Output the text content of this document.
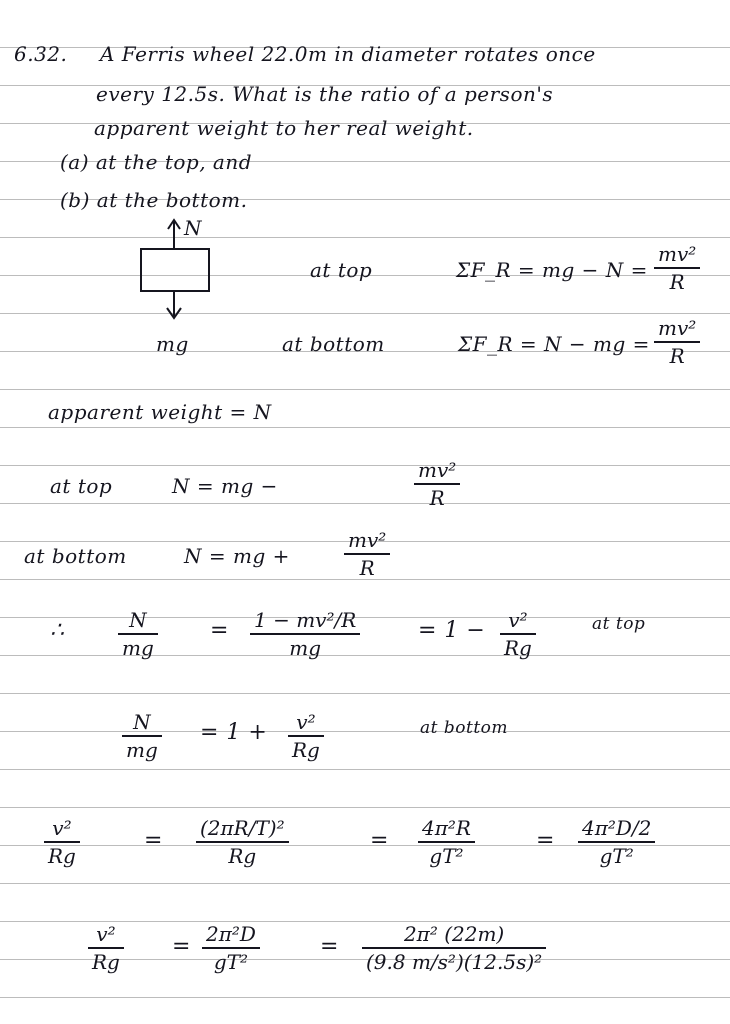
6.32. A Ferris wheel 22.0m in diameter rotates once
every 12.5s. What is the ratio of a person's
apparent weight to her real weight.
(a) at the top, and
(b) at the bottom.
N
mg
at top	ΣF_R = mg − N =
mv²
R
at bottom	ΣF_R = N − mg =
mv²
R
apparent weight = N
at top	N = mg −
mv²
R
at bottom	N = mg +
mv²
R
∴	N
mg
= 1 − mv²/R
mg
= 1 − v²
Rg
at top
N
mg
= 1 + v²
Rg
at bottom
v²
Rg
= (2πR/T)²
Rg
= 4π²R
gT²
= 4π²D/2
gT²
v²
Rg
= 2π²D
gT²
=	2π² (22m)
(9.8 m/s²)(12.5s)²
